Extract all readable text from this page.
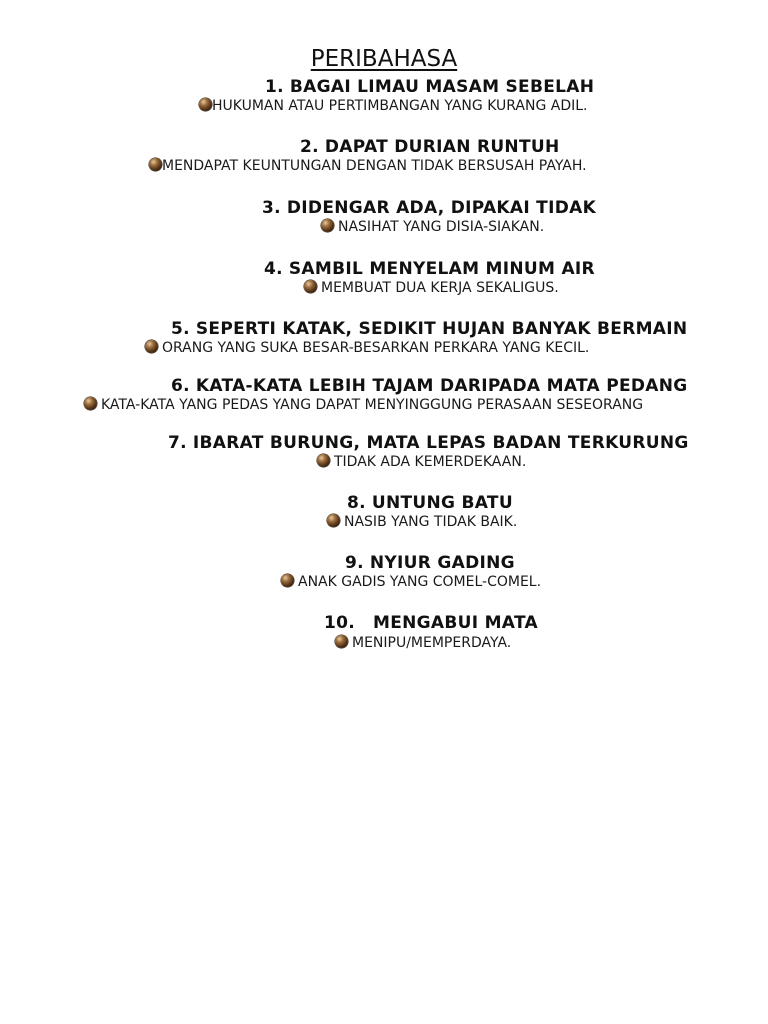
PERIBAHASA
1. BAGAI LIMAU MASAM SEBELAH
HUKUMAN ATAU PERTIMBANGAN YANG KURANG ADIL.
2. DAPAT DURIAN RUNTUH
MENDAPAT KEUNTUNGAN DENGAN TIDAK BERSUSAH PAYAH.
3. DIDENGAR ADA, DIPAKAI TIDAK
NASIHAT YANG DISIA-SIAKAN.
4. SAMBIL MENYELAM MINUM AIR
MEMBUAT DUA KERJA SEKALIGUS.
5. SEPERTI KATAK, SEDIKIT HUJAN BANYAK BERMAIN
ORANG YANG SUKA BESAR-BESARKAN PERKARA YANG KECIL.
6. KATA-KATA LEBIH TAJAM DARIPADA MATA PEDANG
KATA-KATA YANG PEDAS YANG DAPAT MENYINGGUNG PERASAAN SESEORANG
7. IBARAT BURUNG, MATA LEPAS BADAN TERKURUNG
TIDAK ADA KEMERDEKAAN.
8. UNTUNG BATU
NASIB YANG TIDAK BAIK.
9. NYIUR GADING
ANAK GADIS YANG COMEL-COMEL.
10. MENGABUI MATA
MENIPU/MEMPERDAYA.
